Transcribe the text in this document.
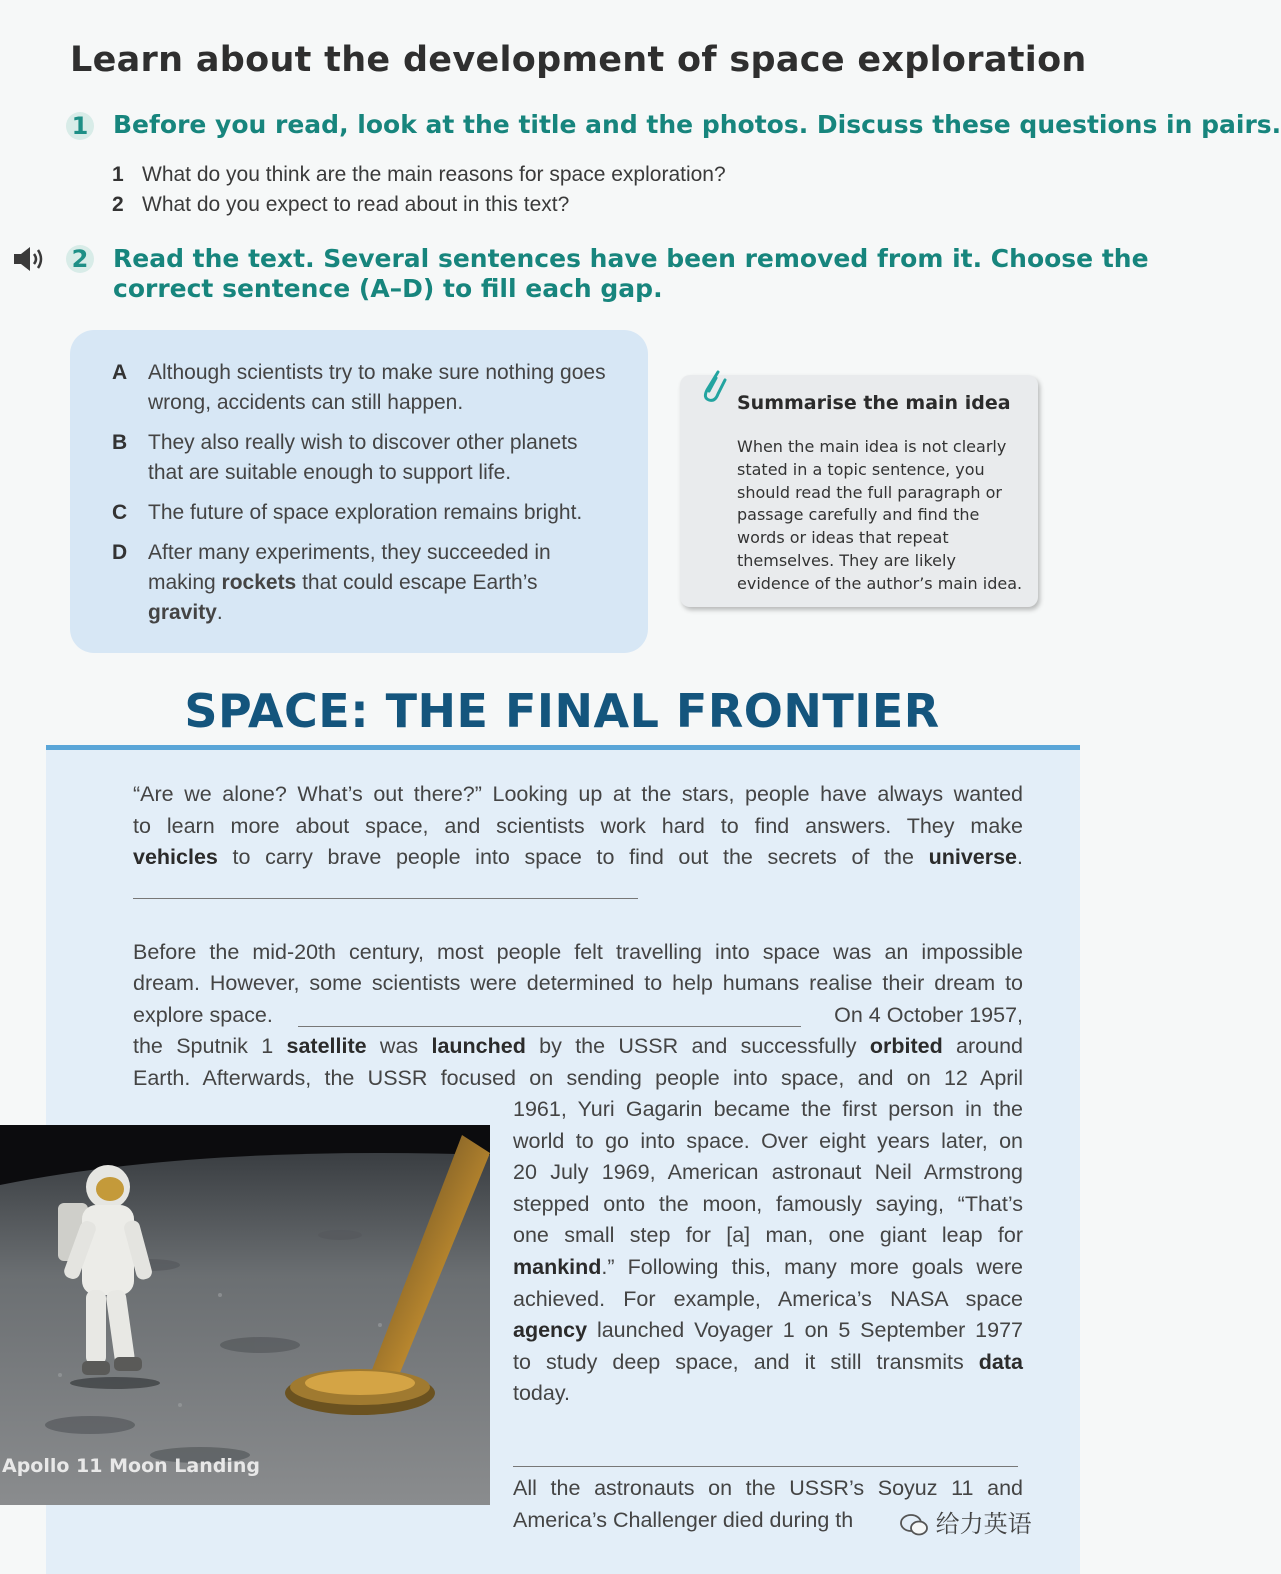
Learn about the development of space exploration
1 Before you read, look at the title and the photos. Discuss these questions in pairs.
1 What do you think are the main reasons for space exploration?
2 What do you expect to read about in this text?
2 Read the text. Several sentences have been removed from it. Choose the
correct sentence (A–D) to fill each gap.
A Although scientists try to make sure nothing goes wrong, accidents can still happen.
B They also really wish to discover other planets that are suitable enough to support life.
C The future of space exploration remains bright.
D After many experiments, they succeeded in making rockets that could escape Earth’s gravity.
Summarise the main idea
When the main idea is not clearly stated in a topic sentence, you should read the full paragraph or passage carefully and find the words or ideas that repeat themselves. They are likely evidence of the author’s main idea.
SPACE: THE FINAL FRONTIER
“Are we alone? What’s out there?” Looking up at the stars, people have always wanted
to learn more about space, and scientists work hard to find answers. They make
vehicles to carry brave people into space to find out the secrets of the universe.
Before the mid-20th century, most people felt travelling into space was an impossible
dream. However, some scientists were determined to help humans realise their dream to
explore space.	On 4 October 1957,
the Sputnik 1 satellite was launched by the USSR and successfully orbited around
Earth. Afterwards, the USSR focused on sending people into space, and on 12 April
1961, Yuri Gagarin became the first person in the
world to go into space. Over eight years later, on
20 July 1969, American astronaut Neil Armstrong
stepped onto the moon, famously saying, “That’s
one small step for [a] man, one giant leap for
mankind.” Following this, many more goals were
achieved. For example, America’s NASA space
agency launched Voyager 1 on 5 September 1977
to study deep space, and it still transmits data
today.
All the astronauts on the USSR’s Soyuz 11 and
America’s Challenger died during th
Apollo 11 Moon Landing
给力英语
